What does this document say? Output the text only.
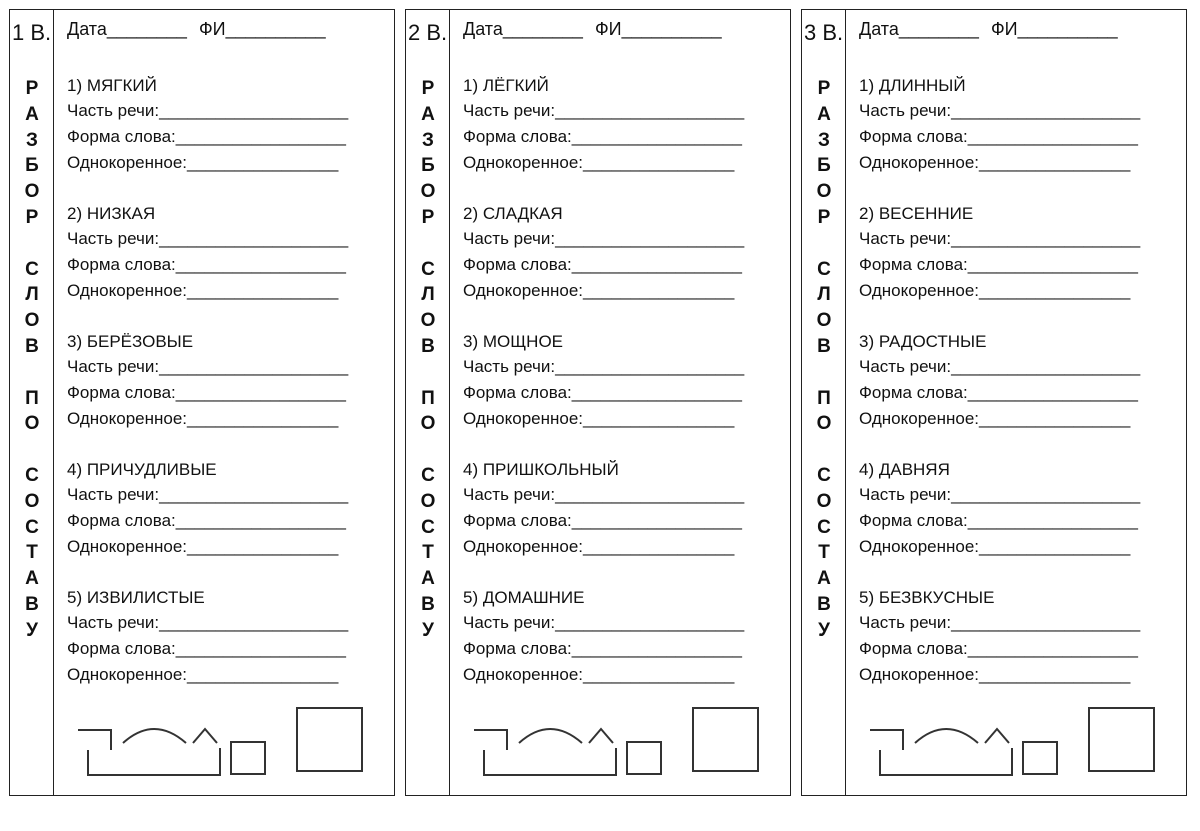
1 В.
Р
А
З
Б
О
Р
С
Л
О
В
П
О
С
О
С
Т
А
В
У
Дата________ ФИ__________
1) МЯГКИЙ
Часть речи:____________________
Форма слова:__________________
Однокоренное:________________
2) НИЗКАЯ
Часть речи:____________________
Форма слова:__________________
Однокоренное:________________
3) БЕРЁЗОВЫЕ
Часть речи:____________________
Форма слова:__________________
Однокоренное:________________
4) ПРИЧУДЛИВЫЕ
Часть речи:____________________
Форма слова:__________________
Однокоренное:________________
5) ИЗВИЛИСТЫЕ
Часть речи:____________________
Форма слова:__________________
Однокоренное:________________
2 В.
Р
А
З
Б
О
Р
С
Л
О
В
П
О
С
О
С
Т
А
В
У
Дата________ ФИ__________
1) ЛЁГКИЙ
Часть речи:____________________
Форма слова:__________________
Однокоренное:________________
2) СЛАДКАЯ
Часть речи:____________________
Форма слова:__________________
Однокоренное:________________
3) МОЩНОЕ
Часть речи:____________________
Форма слова:__________________
Однокоренное:________________
4) ПРИШКОЛЬНЫЙ
Часть речи:____________________
Форма слова:__________________
Однокоренное:________________
5) ДОМАШНИЕ
Часть речи:____________________
Форма слова:__________________
Однокоренное:________________
3 В.
Р
А
З
Б
О
Р
С
Л
О
В
П
О
С
О
С
Т
А
В
У
Дата________ ФИ__________
1) ДЛИННЫЙ
Часть речи:____________________
Форма слова:__________________
Однокоренное:________________
2) ВЕСЕННИЕ
Часть речи:____________________
Форма слова:__________________
Однокоренное:________________
3) РАДОСТНЫЕ
Часть речи:____________________
Форма слова:__________________
Однокоренное:________________
4) ДАВНЯЯ
Часть речи:____________________
Форма слова:__________________
Однокоренное:________________
5) БЕЗВКУСНЫЕ
Часть речи:____________________
Форма слова:__________________
Однокоренное:________________
